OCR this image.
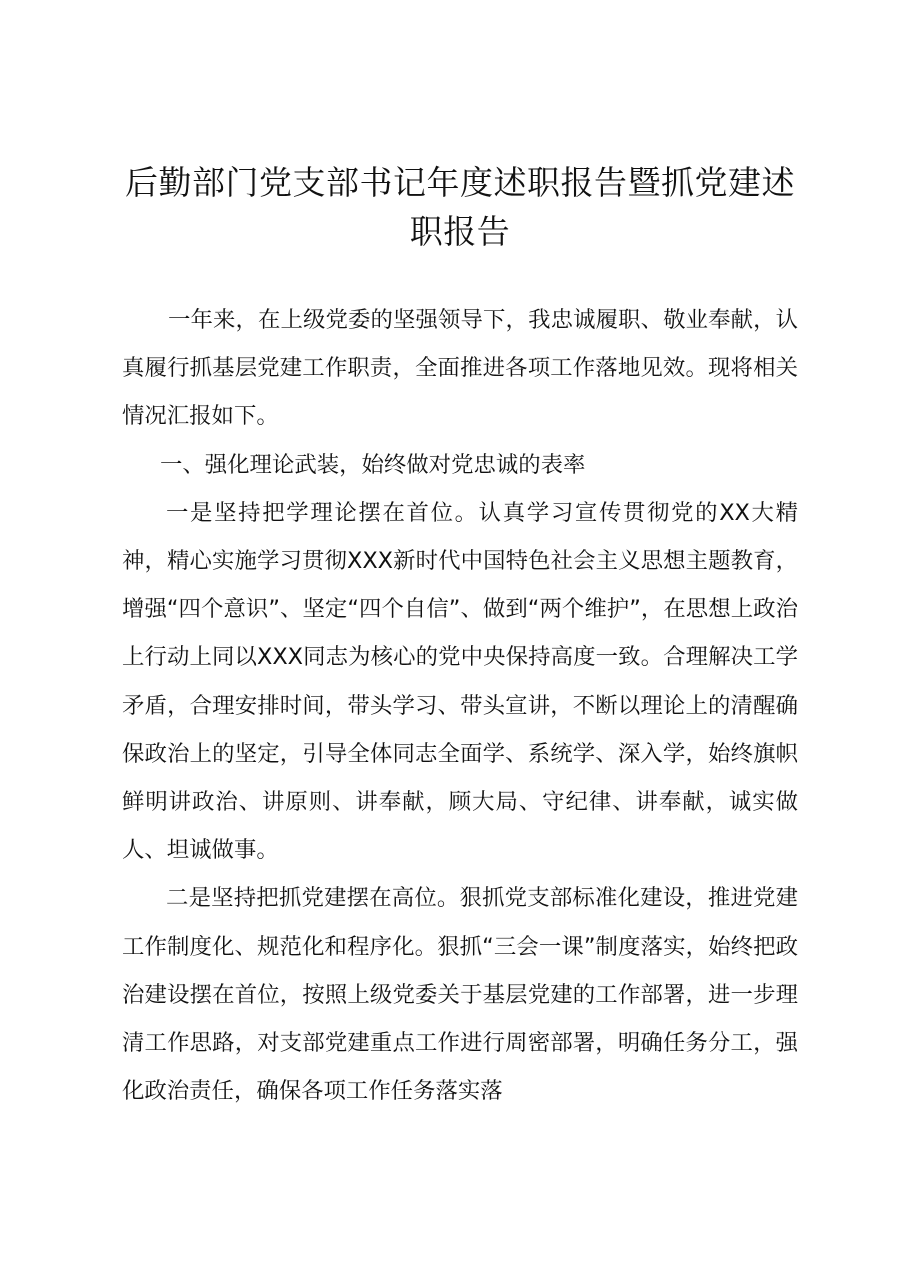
后勤部门党支部书记年度述职报告暨抓党建述职报告

一年来，在上级党委的坚强领导下，我忠诚履职、敬业奉献，认真履行抓基层党建工作职责，全面推进各项工作落地见效。现将相关情况汇报如下。

一、强化理论武装，始终做对党忠诚的表率

一是坚持把学理论摆在首位。认真学习宣传贯彻党的XX大精神，精心实施学习贯彻XXX新时代中国特色社会主义思想主题教育，增强“四个意识”、坚定“四个自信”、做到“两个维护”，在思想上政治上行动上同以XXX同志为核心的党中央保持高度一致。合理解决工学矛盾，合理安排时间，带头学习、带头宣讲，不断以理论上的清醒确保政治上的坚定，引导全体同志全面学、系统学、深入学，始终旗帜鲜明讲政治、讲原则、讲奉献，顾大局、守纪律、讲奉献，诚实做人、坦诚做事。

二是坚持把抓党建摆在高位。狠抓党支部标准化建设，推进党建工作制度化、规范化和程序化。狠抓“三会一课”制度落实，始终把政治建设摆在首位，按照上级党委关于基层党建的工作部署，进一步理清工作思路，对支部党建重点工作进行周密部署，明确任务分工，强化政治责任，确保各项工作任务落实落
